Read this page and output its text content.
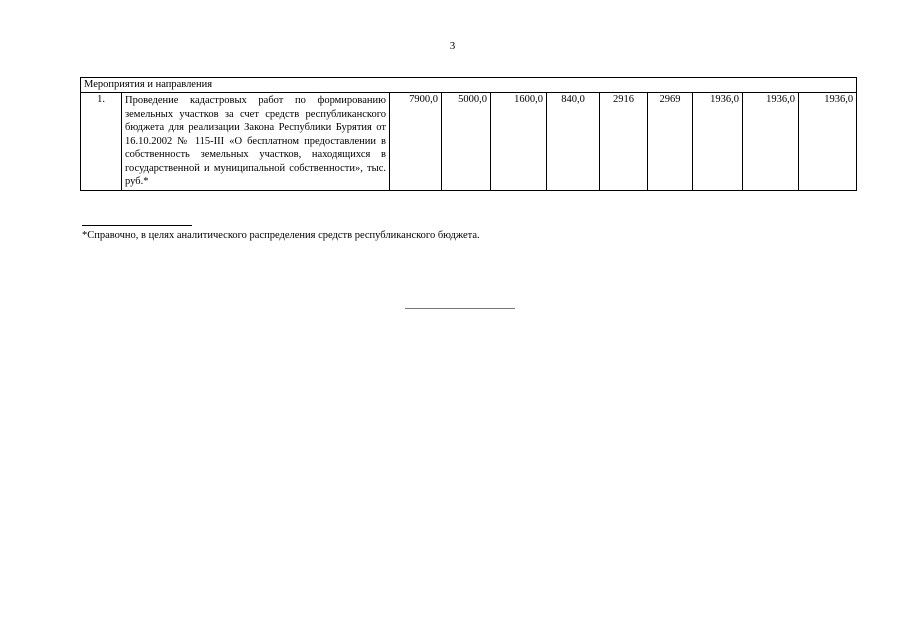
3
Мероприятия и направления
1.	Проведение кадастровых работ по формированию земельных участков за счет средств республиканского бюджета для реализации Закона Республики Бурятия от 16.10.2002 № 115-III «О бесплатном предоставлении в собственность земельных участков, находящихся в государственной и муниципальной собственности», тыс. руб.*	7900,0	5000,0	1600,0	840,0	2916	2969	1936,0	1936,0	1936,0
*Справочно, в целях аналитического распределения средств республиканского бюджета.
